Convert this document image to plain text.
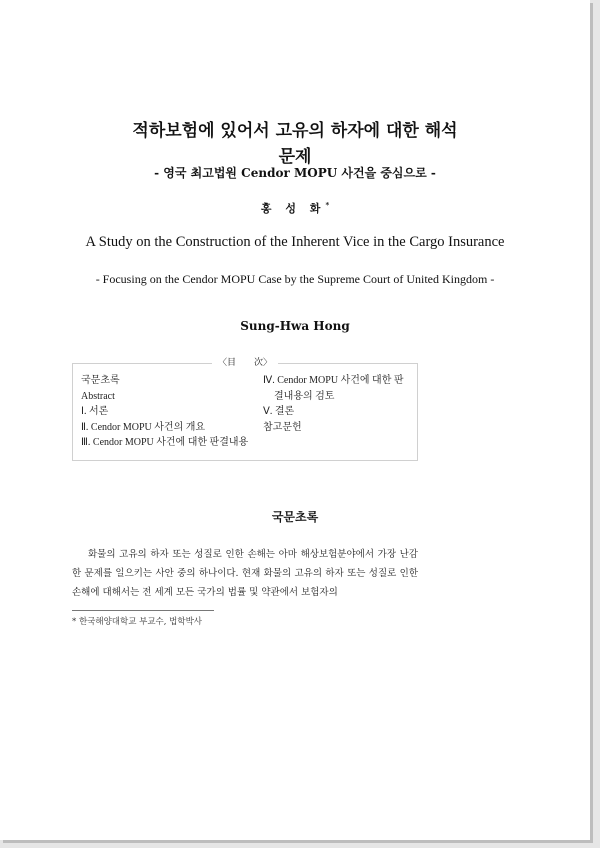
적하보험에 있어서 고유의 하자에 대한 해석
문제
- 영국 최고법원 Cendor MOPU 사건을 중심으로 -
홍 성 화*
A Study on the Construction of the Inherent Vice in the Cargo Insurance
- Focusing on the Cendor MOPU Case by the Supreme Court of United Kingdom -
Sung-Hwa Hong
〈目　　次〉
국문초록
Abstract
Ⅰ. 서론
Ⅱ. Cendor MOPU 사건의 개요
Ⅲ. Cendor MOPU 사건에 대한 판결내용
Ⅳ. Cendor MOPU 사건에 대한 판
결내용의 검토
Ⅴ. 결론
참고문헌
국문초록
화물의 고유의 하자 또는 성질로 인한 손해는 아마 해상보험분야에서 가장 난감한 문제를 일으키는 사안 중의 하나이다. 현재 화물의 고유의 하자 또는 성질로 인한 손해에 대해서는 전 세계 모든 국가의 법률 및 약관에서 보험자의
* 한국해양대학교 부교수, 법학박사
